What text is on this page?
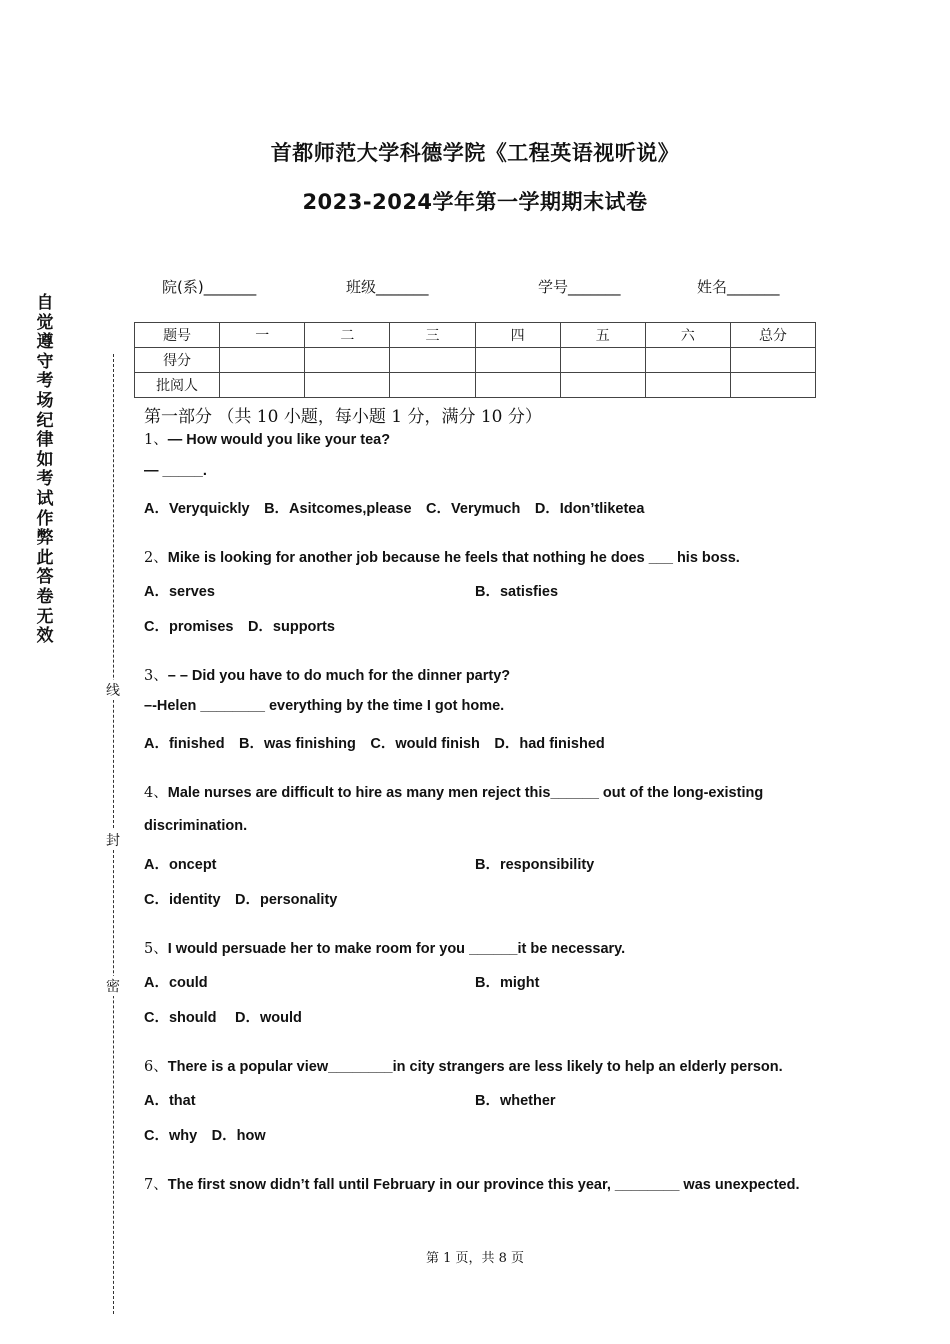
首都师范大学科德学院《工程英语视听说》
2023-2024学年第一学期期末试卷
自觉遵守考场纪律如考试作弊此答卷无效
线
封
密
院(系)_______	班级_______	学号_______	姓名_______
题号	一	二	三	四	五	六	总分
得分							
批阅人							
第一部分 （共 10 小题，每小题 1 分，满分 10 分）
1、— How would you like your tea?
— _____.
A．Veryquickly　B．Asitcomes,please　C．Verymuch　D．Idon’tliketea
2、Mike is looking for another job because he feels that nothing he does ___ his boss.
A．serves	B．satisfies
C．promises　D．supports
3、– – Did you have to do much for the dinner party?
–-Helen ________ everything by the time I got home.
A．finished　B．was finishing　C．would finish　D．had finished
4、Male nurses are difficult to hire as many men reject this______ out of the long-existing
discrimination.
A．oncept	B．responsibility
C．identity　D．personality
5、I would persuade her to make room for you ______it be necessary.
A．could	B．might
C．should　 D．would
6、There is a popular view________in city strangers are less likely to help an elderly person.
A．that	B．whether
C．why　D．how
7、The first snow didn’t fall until February in our province this year, ________ was unexpected.
第 1 页，共 8 页
